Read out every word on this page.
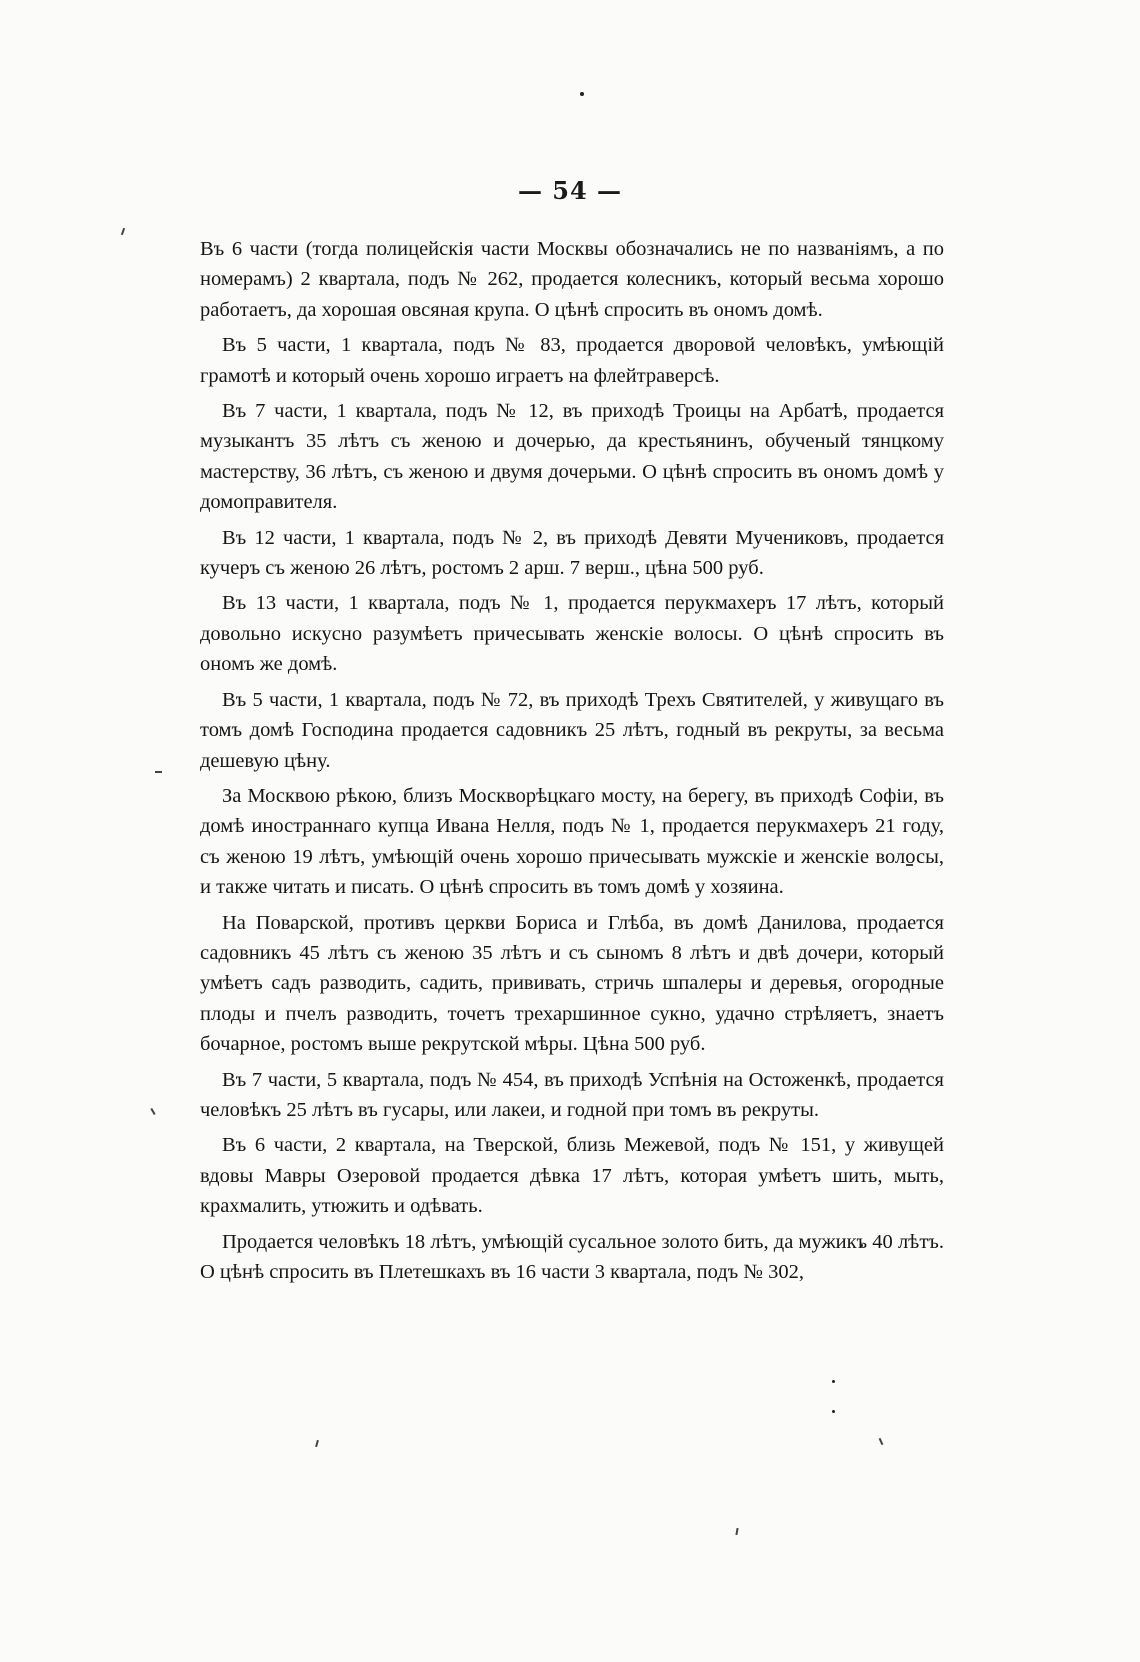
— 54 —

Въ 6 части (тогда полицейскія части Москвы обозначались не по названіямъ, а по номерамъ) 2 квартала, подъ № 262, продается колесникъ, который весьма хорошо работаетъ, да хорошая овсяная крупа. О цѣнѣ спросить въ ономъ домѣ.

Въ 5 части, 1 квартала, подъ № 83, продается дворовой человѣкъ, умѣющій грамотѣ и который очень хорошо играетъ на флейтраверсѣ.

Въ 7 части, 1 квартала, подъ № 12, въ приходѣ Троицы на Арбатѣ, продается музыкантъ 35 лѣтъ съ женою и дочерью, да крестьянинъ, обученый тянцкому мастерству, 36 лѣтъ, съ женою и двумя дочерьми. О цѣнѣ спросить въ ономъ домѣ у домоправителя.

Въ 12 части, 1 квартала, подъ № 2, въ приходѣ Девяти Мучениковъ, продается кучеръ съ женою 26 лѣтъ, ростомъ 2 арш. 7 верш., цѣна 500 руб.

Въ 13 части, 1 квартала, подъ № 1, продается перукмахеръ 17 лѣтъ, который довольно искусно разумѣетъ причесывать женскіе волосы. О цѣнѣ спросить въ ономъ же домѣ.

Въ 5 части, 1 квартала, подъ № 72, въ приходѣ Трехъ Святителей, у живущаго въ томъ домѣ Господина продается садовникъ 25 лѣтъ, годный въ рекруты, за весьма дешевую цѣну.

За Москвою рѣкою, близъ Москворѣцкаго мосту, на берегу, въ приходѣ Софіи, въ домѣ иностраннаго купца Ивана Нелля, подъ № 1, продается перукмахеръ 21 году, съ женою 19 лѣтъ, умѣющій очень хорошо причесывать мужскіе и женскіе волосы, и также читать и писать. О цѣнѣ спросить въ томъ домѣ у хозяина.

На Поварской, противъ церкви Бориса и Глѣба, въ домѣ Данилова, продается садовникъ 45 лѣтъ съ женою 35 лѣтъ и съ сыномъ 8 лѣтъ и двѣ дочери, который умѣетъ садъ разводить, садить, прививать, стричь шпалеры и деревья, огородные плоды и пчелъ разводить, точетъ трехаршинное сукно, удачно стрѣляетъ, знаетъ бочарное, ростомъ выше рекрутской мѣры. Цѣна 500 руб.

Въ 7 части, 5 квартала, подъ № 454, въ приходѣ Успѣнія на Остоженкѣ, продается человѣкъ 25 лѣтъ въ гусары, или лакеи, и годной при томъ въ рекруты.

Въ 6 части, 2 квартала, на Тверской, близь Межевой, подъ № 151, у живущей вдовы Мавры Озеровой продается дѣвка 17 лѣтъ, которая умѣетъ шить, мыть, крахмалить, утюжить и одѣвать.

Продается человѣкъ 18 лѣтъ, умѣющій сусальное золото бить, да мужикъ 40 лѣтъ. О цѣнѣ спросить въ Плетешкахъ въ 16 части 3 квартала, подъ № 302,
